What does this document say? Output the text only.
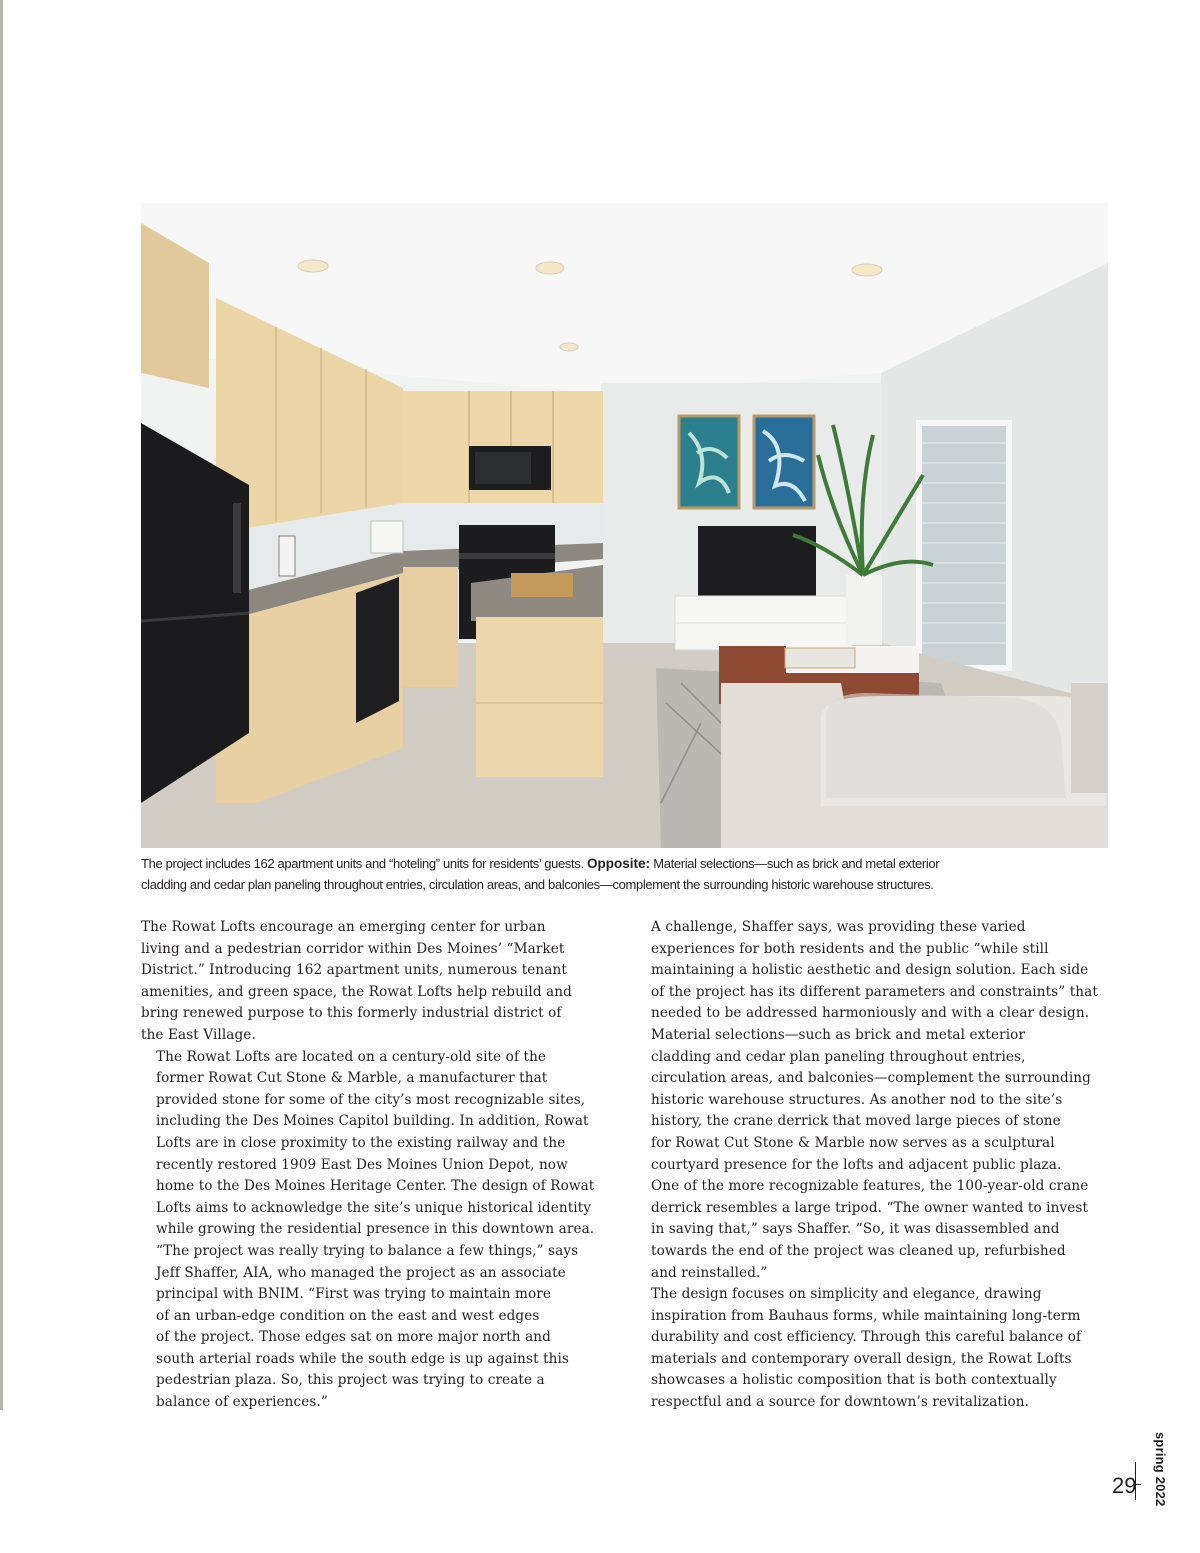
The project includes 162 apartment units and “hoteling” units for residents’ guests. Opposite: Material selections—such as brick and metal exterior

cladding and cedar plan paneling throughout entries, circulation areas, and balconies—complement the surrounding historic warehouse structures.

The Rowat Lofts encourage an emerging center for urban
living and a pedestrian corridor within Des Moines’ “Market
District.” Introducing 162 apartment units, numerous tenant
amenities, and green space, the Rowat Lofts help rebuild and
bring renewed purpose to this formerly industrial district of
the East Village.

The Rowat Lofts are located on a century-old site of the
former Rowat Cut Stone & Marble, a manufacturer that
provided stone for some of the city’s most recognizable sites,
including the Des Moines Capitol building. In addition, Rowat
Lofts are in close proximity to the existing railway and the
recently restored 1909 East Des Moines Union Depot, now
home to the Des Moines Heritage Center. The design of Rowat
Lofts aims to acknowledge the site’s unique historical identity
while growing the residential presence in this downtown area.

“The project was really trying to balance a few things,” says
Jeff Shaffer, AIA, who managed the project as an associate
principal with BNIM. “First was trying to maintain more
of an urban-edge condition on the east and west edges
of the project. Those edges sat on more major north and
south arterial roads while the south edge is up against this
pedestrian plaza. So, this project was trying to create a
balance of experiences.”

A challenge, Shaffer says, was providing these varied
experiences for both residents and the public “while still
maintaining a holistic aesthetic and design solution. Each side
of the project has its different parameters and constraints” that
needed to be addressed harmoniously and with a clear design.

Material selections—such as brick and metal exterior
cladding and cedar plan paneling throughout entries,
circulation areas, and balconies—complement the surrounding
historic warehouse structures. As another nod to the site’s
history, the crane derrick that moved large pieces of stone
for Rowat Cut Stone & Marble now serves as a sculptural
courtyard presence for the lofts and adjacent public plaza.
One of the more recognizable features, the 100-year-old crane
derrick resembles a large tripod. “The owner wanted to invest
in saving that,” says Shaffer. “So, it was disassembled and
towards the end of the project was cleaned up, refurbished
and reinstalled.”

The design focuses on simplicity and elegance, drawing
inspiration from Bauhaus forms, while maintaining long-term
durability and cost efficiency. Through this careful balance of
materials and contemporary overall design, the Rowat Lofts
showcases a holistic composition that is both contextually
respectful and a source for downtown’s revitalization.

spring 2022
29
